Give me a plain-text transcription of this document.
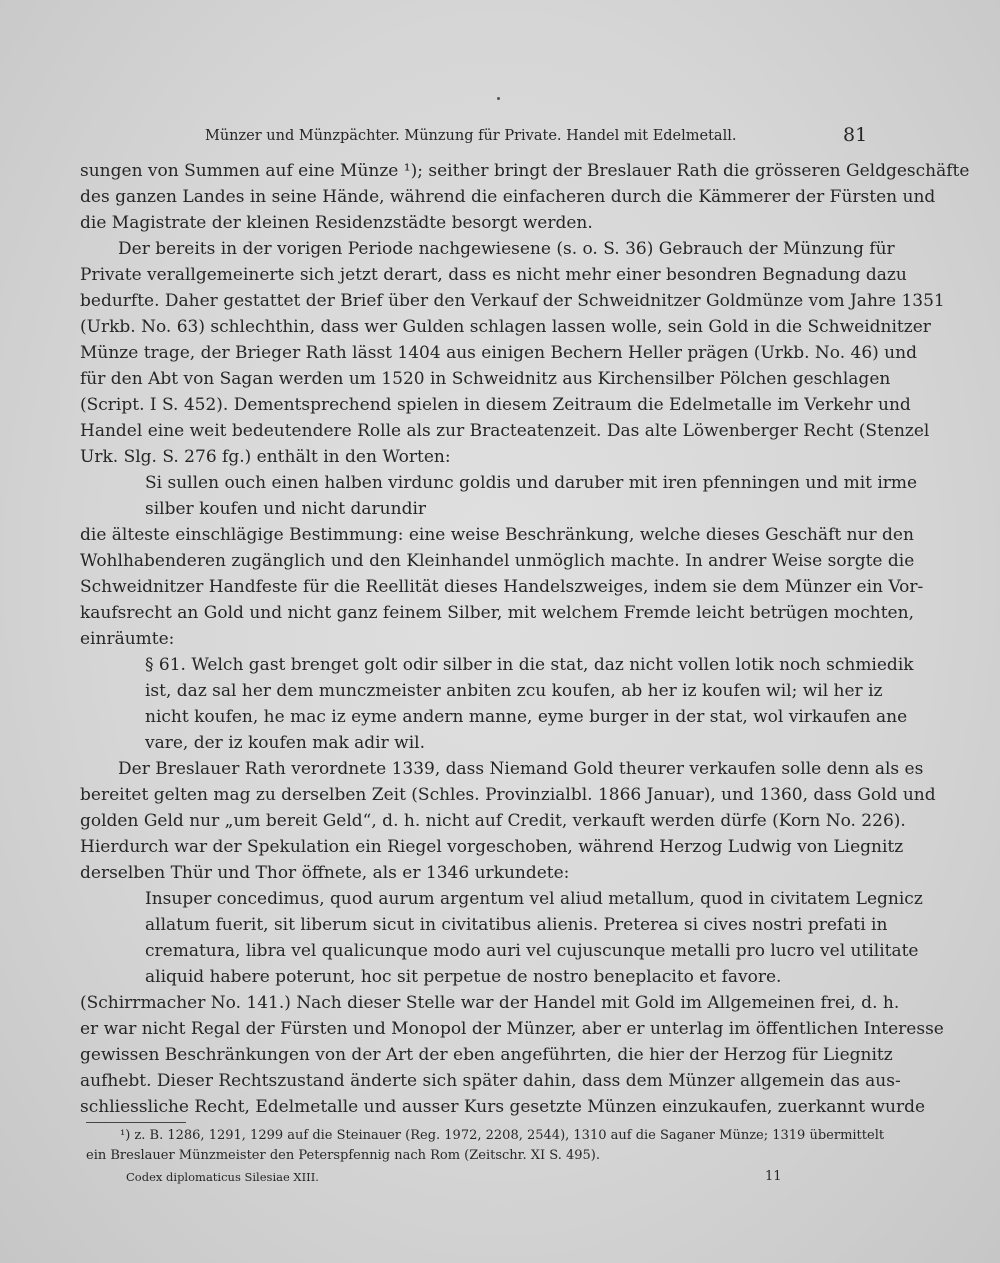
Münzer und Münzpächter. Münzung für Private. Handel mit Edelmetall.	81
sungen von Summen auf eine Münze ¹); seither bringt der Breslauer Rath die grösseren Geldgeschäfte
des ganzen Landes in seine Hände, während die einfacheren durch die Kämmerer der Fürsten und
die Magistrate der kleinen Residenzstädte besorgt werden.
Der bereits in der vorigen Periode nachgewiesene (s. o. S. 36) Gebrauch der Münzung für
Private verallgemeinerte sich jetzt derart, dass es nicht mehr einer besondren Begnadung dazu
bedurfte. Daher gestattet der Brief über den Verkauf der Schweidnitzer Goldmünze vom Jahre 1351
(Urkb. No. 63) schlechthin, dass wer Gulden schlagen lassen wolle, sein Gold in die Schweidnitzer
Münze trage, der Brieger Rath lässt 1404 aus einigen Bechern Heller prägen (Urkb. No. 46) und
für den Abt von Sagan werden um 1520 in Schweidnitz aus Kirchensilber Pölchen geschlagen
(Script. I S. 452). Dementsprechend spielen in diesem Zeitraum die Edelmetalle im Verkehr und
Handel eine weit bedeutendere Rolle als zur Bracteatenzeit. Das alte Löwenberger Recht (Stenzel
Urk. Slg. S. 276 fg.) enthält in den Worten:
Si sullen ouch einen halben virdunc goldis und daruber mit iren pfenningen und mit irme
silber koufen und nicht darundir
die älteste einschlägige Bestimmung: eine weise Beschränkung, welche dieses Geschäft nur den
Wohlhabenderen zugänglich und den Kleinhandel unmöglich machte. In andrer Weise sorgte die
Schweidnitzer Handfeste für die Reellität dieses Handelszweiges, indem sie dem Münzer ein Vor-
kaufsrecht an Gold und nicht ganz feinem Silber, mit welchem Fremde leicht betrügen mochten,
einräumte:
§ 61. Welch gast brenget golt odir silber in die stat, daz nicht vollen lotik noch schmiedik
ist, daz sal her dem munczmeister anbiten zcu koufen, ab her iz koufen wil; wil her iz
nicht koufen, he mac iz eyme andern manne, eyme burger in der stat, wol virkaufen ane
vare, der iz koufen mak adir wil.
Der Breslauer Rath verordnete 1339, dass Niemand Gold theurer verkaufen solle denn als es
bereitet gelten mag zu derselben Zeit (Schles. Provinzialbl. 1866 Januar), und 1360, dass Gold und
golden Geld nur „um bereit Geld“, d. h. nicht auf Credit, verkauft werden dürfe (Korn No. 226).
Hierdurch war der Spekulation ein Riegel vorgeschoben, während Herzog Ludwig von Liegnitz
derselben Thür und Thor öffnete, als er 1346 urkundete:
Insuper concedimus, quod aurum argentum vel aliud metallum, quod in civitatem Legnicz
allatum fuerit, sit liberum sicut in civitatibus alienis. Preterea si cives nostri prefati in
crematura, libra vel qualicunque modo auri vel cujuscunque metalli pro lucro vel utilitate
aliquid habere poterunt, hoc sit perpetue de nostro beneplacito et favore.
(Schirrmacher No. 141.) Nach dieser Stelle war der Handel mit Gold im Allgemeinen frei, d. h.
er war nicht Regal der Fürsten und Monopol der Münzer, aber er unterlag im öffentlichen Interesse
gewissen Beschränkungen von der Art der eben angeführten, die hier der Herzog für Liegnitz
aufhebt. Dieser Rechtszustand änderte sich später dahin, dass dem Münzer allgemein das aus-
schliessliche Recht, Edelmetalle und ausser Kurs gesetzte Münzen einzukaufen, zuerkannt wurde
¹) z. B. 1286, 1291, 1299 auf die Steinauer (Reg. 1972, 2208, 2544), 1310 auf die Saganer Münze; 1319 übermittelt
ein Breslauer Münzmeister den Peterspfennig nach Rom (Zeitschr. XI S. 495).
Codex diplomaticus Silesiae XIII.	11
